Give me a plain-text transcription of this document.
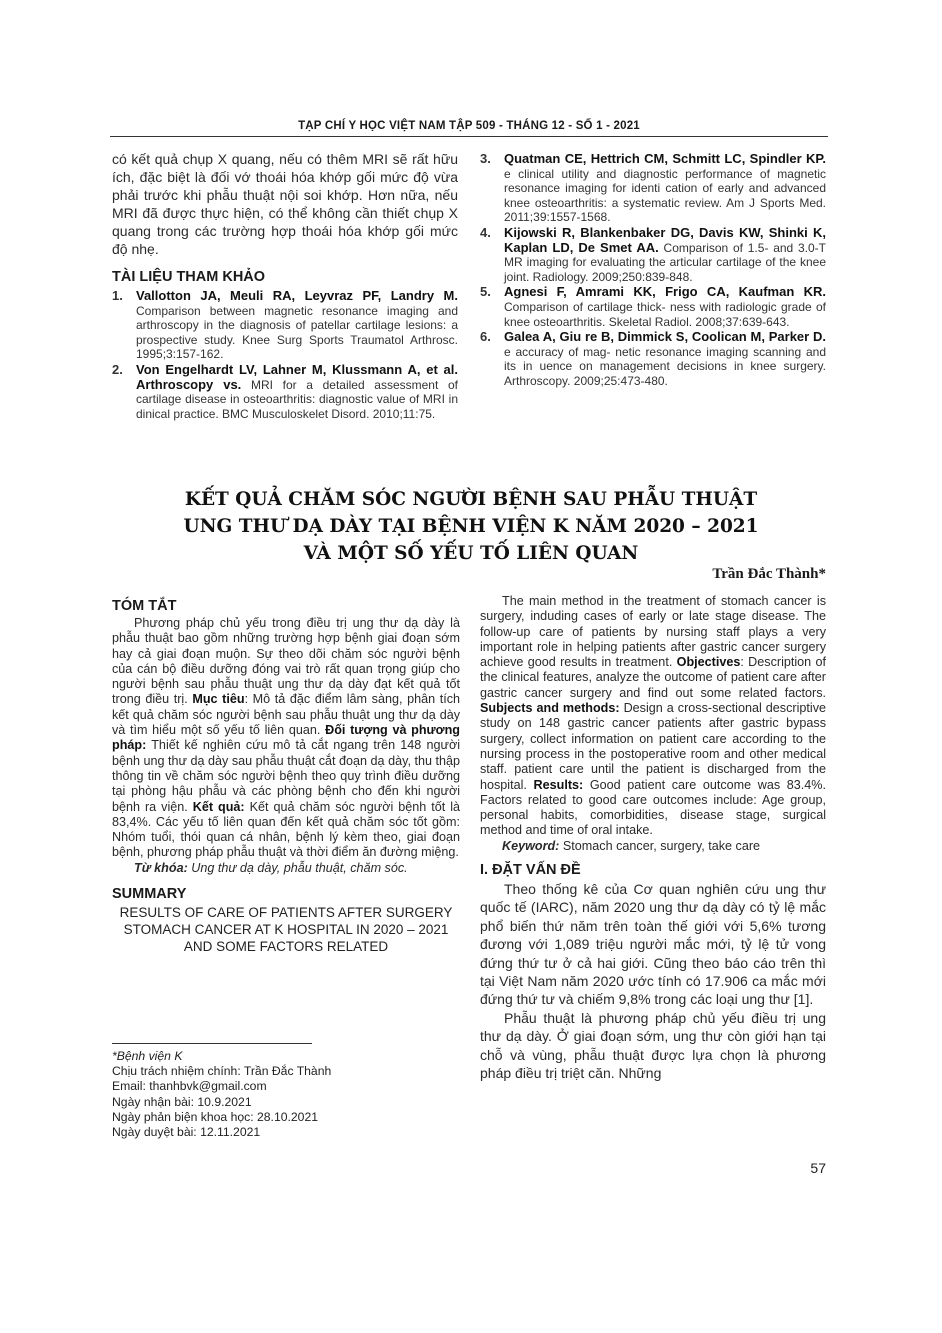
TẠP CHÍ Y HỌC VIỆT NAM TẬP 509 - THÁNG 12 - SỐ 1 - 2021

có kết quả chụp X quang, nếu có thêm MRI sẽ rất hữu ích, đặc biệt là đối vớ thoái hóa khớp gối mức độ vừa phải trước khi phẫu thuật nội soi khớp. Hơn nữa, nếu MRI đã được thực hiện, có thể không cần thiết chụp X quang trong các trường hợp thoái hóa khớp gối mức độ nhẹ.

TÀI LIỆU THAM KHẢO
1. Vallotton JA, Meuli RA, Leyvraz PF, Landry M. Comparison between magnetic resonance imaging and arthroscopy in the diagnosis of patellar cartilage lesions: a prospective study. Knee Surg Sports Traumatol Arthrosc. 1995;3:157-162.
2. Von Engelhardt LV, Lahner M, Klussmann A, et al. Arthroscopy vs. MRI for a detailed assessment of cartilage disease in osteoarthritis: diagnostic value of MRI in dinical practice. BMC Musculoskelet Disord. 2010;11:75.
3. Quatman CE, Hettrich CM, Schmitt LC, Spindler KP. e clinical utility and diagnostic performance of magnetic resonance imaging for identi cation of early and advanced knee osteoarthritis: a systematic review. Am J Sports Med. 2011;39:1557-1568.
4. Kijowski R, Blankenbaker DG, Davis KW, Shinki K, Kaplan LD, De Smet AA. Comparison of 1.5- and 3.0-T MR imaging for evaluating the articular cartilage of the knee joint. Radiology. 2009;250:839-848.
5. Agnesi F, Amrami KK, Frigo CA, Kaufman KR. Comparison of cartilage thick- ness with radiologic grade of knee osteoarthritis. Skeletal Radiol. 2008;37:639-643.
6. Galea A, Giu re B, Dimmick S, Coolican M, Parker D. e accuracy of mag- netic resonance imaging scanning and its in uence on management decisions in knee surgery. Arthroscopy. 2009;25:473-480.
KẾT QUẢ CHĂM SÓC NGƯỜI BỆNH SAU PHẪU THUẬT
UNG THƯ DẠ DÀY TẠI BỆNH VIỆN K NĂM 2020 – 2021
VÀ MỘT SỐ YẾU TỐ LIÊN QUAN
Trần Đắc Thành*
TÓM TẮT

Phương pháp chủ yếu trong điều trị ung thư dạ dày là phẫu thuật bao gồm những trường hợp bệnh giai đoạn sớm hay cả giai đoạn muộn. Sự theo dõi chăm sóc người bệnh của cán bộ điều dưỡng đóng vai trò rất quan trọng giúp cho người bệnh sau phẫu thuật ung thư dạ dày đạt kết quả tốt trong điều trị. Mục tiêu: Mô tả đặc điểm lâm sàng, phân tích kết quả chăm sóc người bệnh sau phẫu thuật ung thư dạ dày và tìm hiểu một số yếu tố liên quan. Đối tượng và phương pháp: Thiết kế nghiên cứu mô tả cắt ngang trên 148 người bệnh ung thư dạ dày sau phẫu thuật cắt đoạn dạ dày, thu thập thông tin về chăm sóc người bệnh theo quy trình điều dưỡng tại phòng hậu phẫu và các phòng bệnh cho đến khi người bệnh ra viện. Kết quả: Kết quả chăm sóc người bệnh tốt là 83,4%. Các yếu tố liên quan đến kết quả chăm sóc tốt gồm: Nhóm tuổi, thói quan cá nhân, bệnh lý kèm theo, giai đoạn bệnh, phương pháp phẫu thuật và thời điểm ăn đường miệng.

Từ khóa: Ung thư dạ dày, phẫu thuật, chăm sóc.

SUMMARY

RESULTS OF CARE OF PATIENTS AFTER SURGERY STOMACH CANCER AT K HOSPITAL IN 2020 – 2021 AND SOME FACTORS RELATED

The main method in the treatment of stomach cancer is surgery, induding cases of early or late stage disease. The follow-up care of patients by nursing staff plays a very important role in helping patients after gastric cancer surgery achieve good results in treatment. Objectives: Description of the clinical features, analyze the outcome of patient care after gastric cancer surgery and find out some related factors. Subjects and methods: Design a cross-sectional descriptive study on 148 gastric cancer patients after gastric bypass surgery, collect information on patient care according to the nursing process in the postoperative room and other medical staff. patient care until the patient is discharged from the hospital. Results: Good patient care outcome was 83.4%. Factors related to good care outcomes include: Age group, personal habits, comorbidities, disease stage, surgical method and time of oral intake.

Keyword: Stomach cancer, surgery, take care

I. ĐẶT VẤN ĐỀ

Theo thống kê của Cơ quan nghiên cứu ung thư quốc tế (IARC), năm 2020 ung thư dạ dày có tỷ lệ mắc phổ biến thứ năm trên toàn thế giới với 5,6% tương đương với 1,089 triệu người mắc mới, tỷ lệ tử vong đứng thứ tư ở cả hai giới. Cũng theo báo cáo trên thì tại Việt Nam năm 2020 ước tính có 17.906 ca mắc mới đứng thứ tư và chiếm 9,8% trong các loại ung thư [1].

Phẫu thuật là phương pháp chủ yếu điều trị ung thư dạ dày. Ở giai đoạn sớm, ung thư còn giới hạn tại chỗ và vùng, phẫu thuật được lựa chọn là phương pháp điều trị triệt căn. Những

*Bệnh viện K
Chịu trách nhiệm chính: Trần Đắc Thành
Email: thanhbvk@gmail.com
Ngày nhận bài: 10.9.2021
Ngày phản biện khoa học: 28.10.2021
Ngày duyệt bài: 12.11.2021
57
